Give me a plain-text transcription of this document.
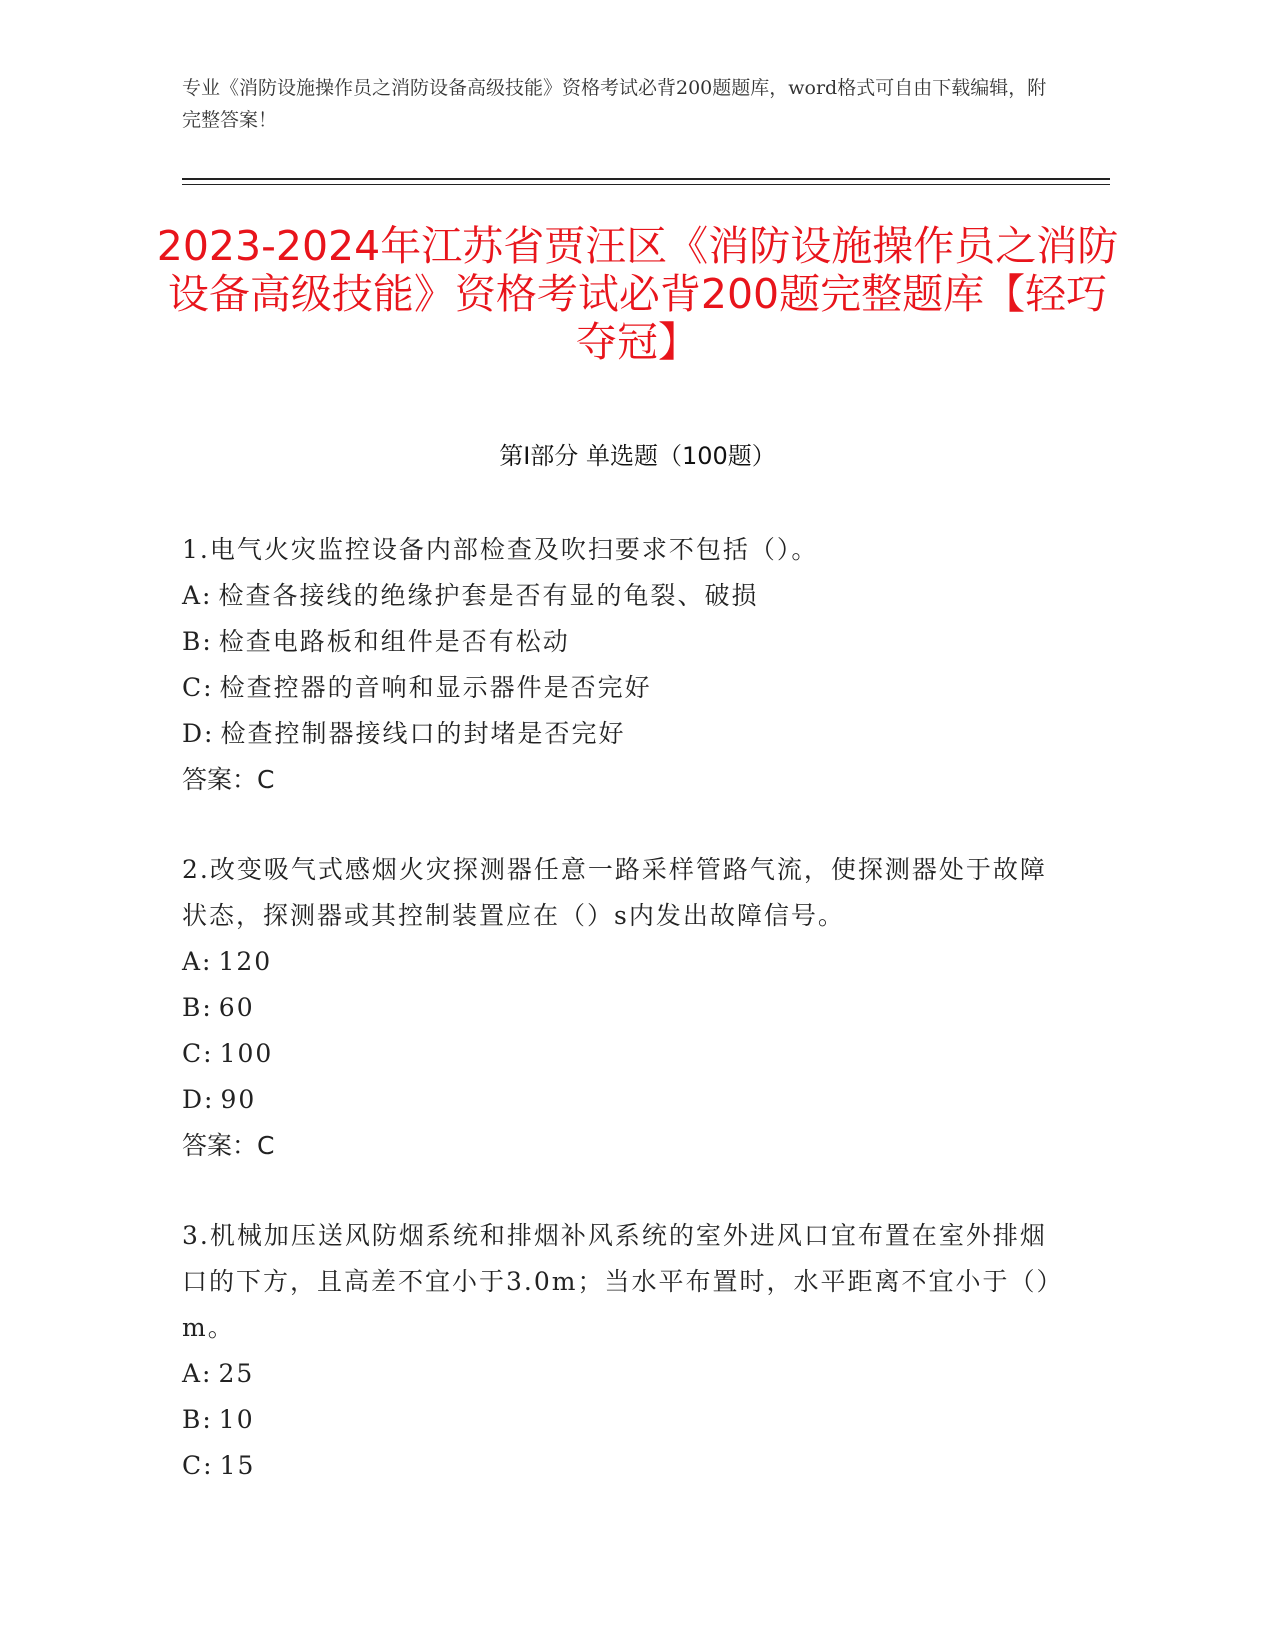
专业《消防设施操作员之消防设备高级技能》资格考试必背200题题库，word格式可自由下载编辑，附完整答案！
2023-2024年江苏省贾汪区《消防设施操作员之消防设备高级技能》资格考试必背200题完整题库【轻巧夺冠】
第Ⅰ部分 单选题（100题）

1.电气火灾监控设备内部检查及吹扫要求不包括（）。

A: 检查各接线的绝缘护套是否有显的龟裂、破损

B: 检查电路板和组件是否有松动

C: 检查控器的音响和显示器件是否完好

D: 检查控制器接线口的封堵是否完好

答案：C

2.改变吸气式感烟火灾探测器任意一路采样管路气流，使探测器处于故障状态，探测器或其控制装置应在（）s内发出故障信号。

A: 120

B: 60

C: 100

D: 90

答案：C

3.机械加压送风防烟系统和排烟补风系统的室外进风口宜布置在室外排烟口的下方，且高差不宜小于3.0m；当水平布置时，水平距离不宜小于（）m。

A: 25

B: 10

C: 15
